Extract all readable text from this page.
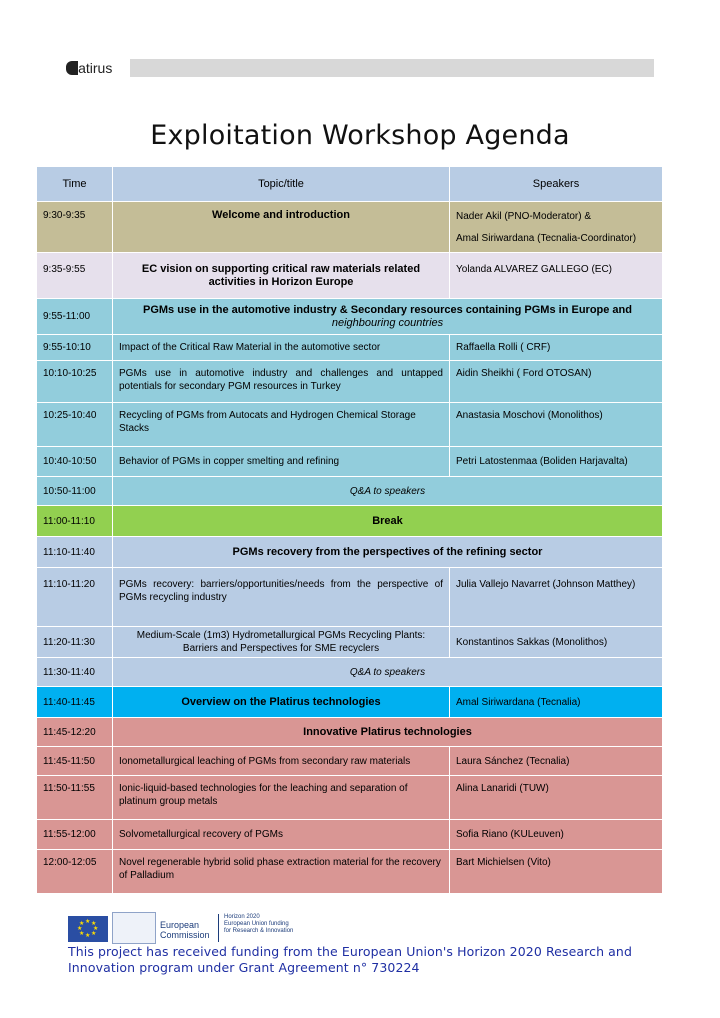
latirus
Exploitation Workshop Agenda
Time	Topic/title	Speakers
9:30-9:35	Welcome and introduction	Nader Akil (PNO-Moderator) &
Amal Siriwardana (Tecnalia-Coordinator)

9:35-9:55	EC vision on supporting critical raw materials related activities in Horizon Europe	Yolanda ALVAREZ GALLEGO (EC)
9:55-11:00	PGMs use in the automotive industry & Secondary resources containing PGMs in Europe and
neighbouring countries	
9:55-10:10	Impact of the Critical Raw Material in the automotive sector	Raffaella Rolli ( CRF)
10:10-10:25	PGMs use in automotive industry and challenges and untapped potentials for secondary PGM resources in Turkey	Aidin Sheikhi ( Ford OTOSAN)
10:25-10:40	Recycling of PGMs from Autocats and Hydrogen Chemical Storage Stacks	Anastasia Moschovi (Monolithos)
10:40-10:50	Behavior of PGMs in copper smelting and refining	Petri Latostenmaa (Boliden Harjavalta)
10:50-11:00	Q&A to speakers	
11:00-11:10	Break	
11:10-11:40	PGMs recovery from the perspectives of the refining sector	
11:10-11:20	PGMs recovery: barriers/opportunities/needs from the perspective of PGMs recycling industry	Julia Vallejo Navarret (Johnson Matthey)
11:20-11:30	Medium-Scale (1m3) Hydrometallurgical PGMs Recycling Plants: Barriers and Perspectives for SME recyclers	Konstantinos Sakkas (Monolithos)
11:30-11:40	Q&A to speakers	
11:40-11:45	Overview on the Platirus technologies	Amal Siriwardana (Tecnalia)
11:45-12:20	Innovative Platirus technologies	
11:45-11:50	Ionometallurgical leaching of PGMs from secondary raw materials	Laura Sánchez (Tecnalia)
11:50-11:55	Ionic-liquid-based technologies for the leaching and separation of platinum group metals	Alina Lanaridi (TUW)
11:55-12:00	Solvometallurgical recovery of PGMs	Sofia Riano (KULeuven)
12:00-12:05	Novel regenerable hybrid solid phase extraction material for the recovery of Palladium	Bart Michielsen (Vito)
★ ★
★
★
★
★
★
★	European
Commission
Horizon 2020
European Union funding
for Research & Innovation
This project has received funding from the European Union's Horizon 2020 Research and Innovation program under Grant Agreement n° 730224
